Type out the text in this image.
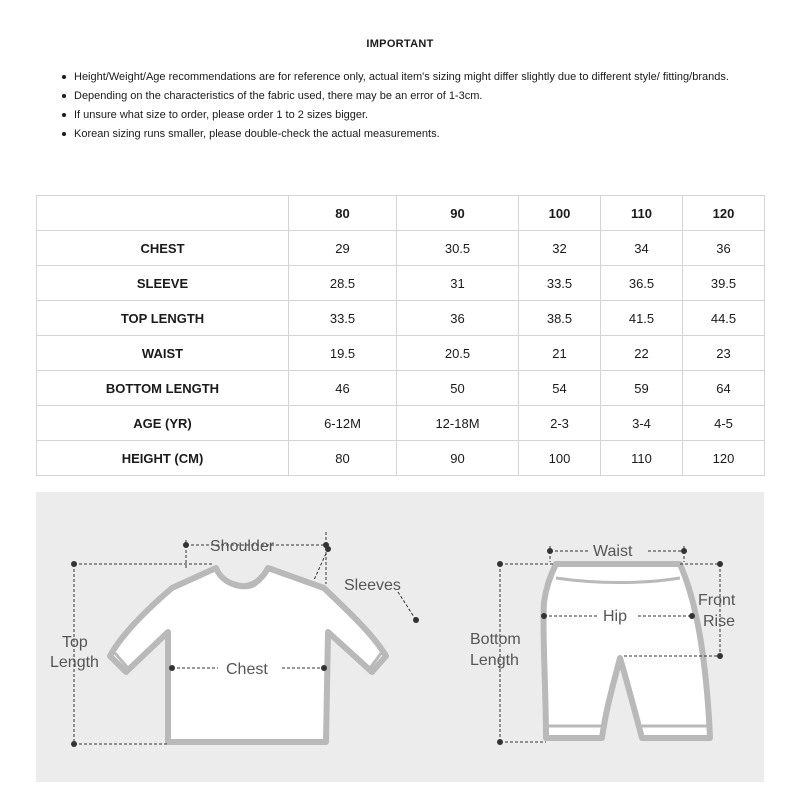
IMPORTANT
Height/Weight/Age recommendations are for reference only, actual item's sizing might differ slightly due to different style/ fitting/brands.
Depending on the characteristics of the fabric used, there may be an error of 1-3cm.
If unsure what size to order, please order 1 to 2 sizes bigger.
Korean sizing runs smaller, please double-check the actual measurements.
	80	90	100	110	120
CHEST	29	30.5	32	34	36
SLEEVE	28.5	31	33.5	36.5	39.5
TOP LENGTH	33.5	36	38.5	41.5	44.5
WAIST	19.5	20.5	21	22	23
BOTTOM LENGTH	46	50	54	59	64
AGE (YR)	6-12M	12-18M	2-3	3-4	4-5
HEIGHT (CM)	80	90	100	110	120
Shoulder
Sleeves
Top
Length	Chest
Waist
Hip
Front
Rise
Bottom
Length
